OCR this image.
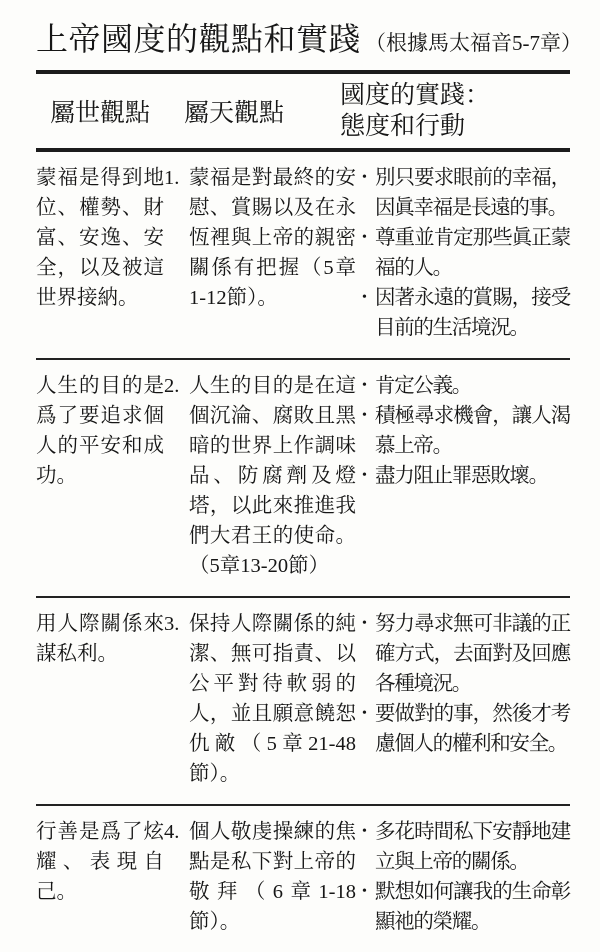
上帝國度的觀點和實踐 （根據馬太福音5-7章）
屬世觀點	屬天觀點
國度的實踐：
態度和行動
蒙福是得到地位、權勢、財富、安逸、安全，以及被這世界接納。
1. 蒙福是對最終的安慰、賞賜以及在永恆裡與上帝的親密關係有把握（5章1-12節）。
• 別只要求眼前的幸福，因眞幸福是長遠的事。
• 尊重並肯定那些眞正蒙福的人。
• 因著永遠的賞賜，接受目前的生活境況。
人生的目的是爲了要追求個人的平安和成功。
2. 人生的目的是在這個沉淪、腐敗且黑暗的世界上作調味品、防腐劑及燈塔，以此來推進我們大君王的使命。（5章13-20節）
• 肯定公義。
• 積極尋求機會，讓人渴慕上帝。
• 盡力阻止罪惡敗壞。
用人際關係來謀私利。
3. 保持人際關係的純潔、無可指責、以公平對待軟弱的人，並且願意饒恕仇敵（5章21-48節）。
• 努力尋求無可非議的正確方式，去面對及回應各種境況。
• 要做對的事，然後才考慮個人的權利和安全。
行善是爲了炫耀、表現自己。
4. 個人敬虔操練的焦點是私下對上帝的敬拜（6章1-18節）。
• 多花時間私下安靜地建立與上帝的關係。
• 默想如何讓我的生命彰顯祂的榮耀。
